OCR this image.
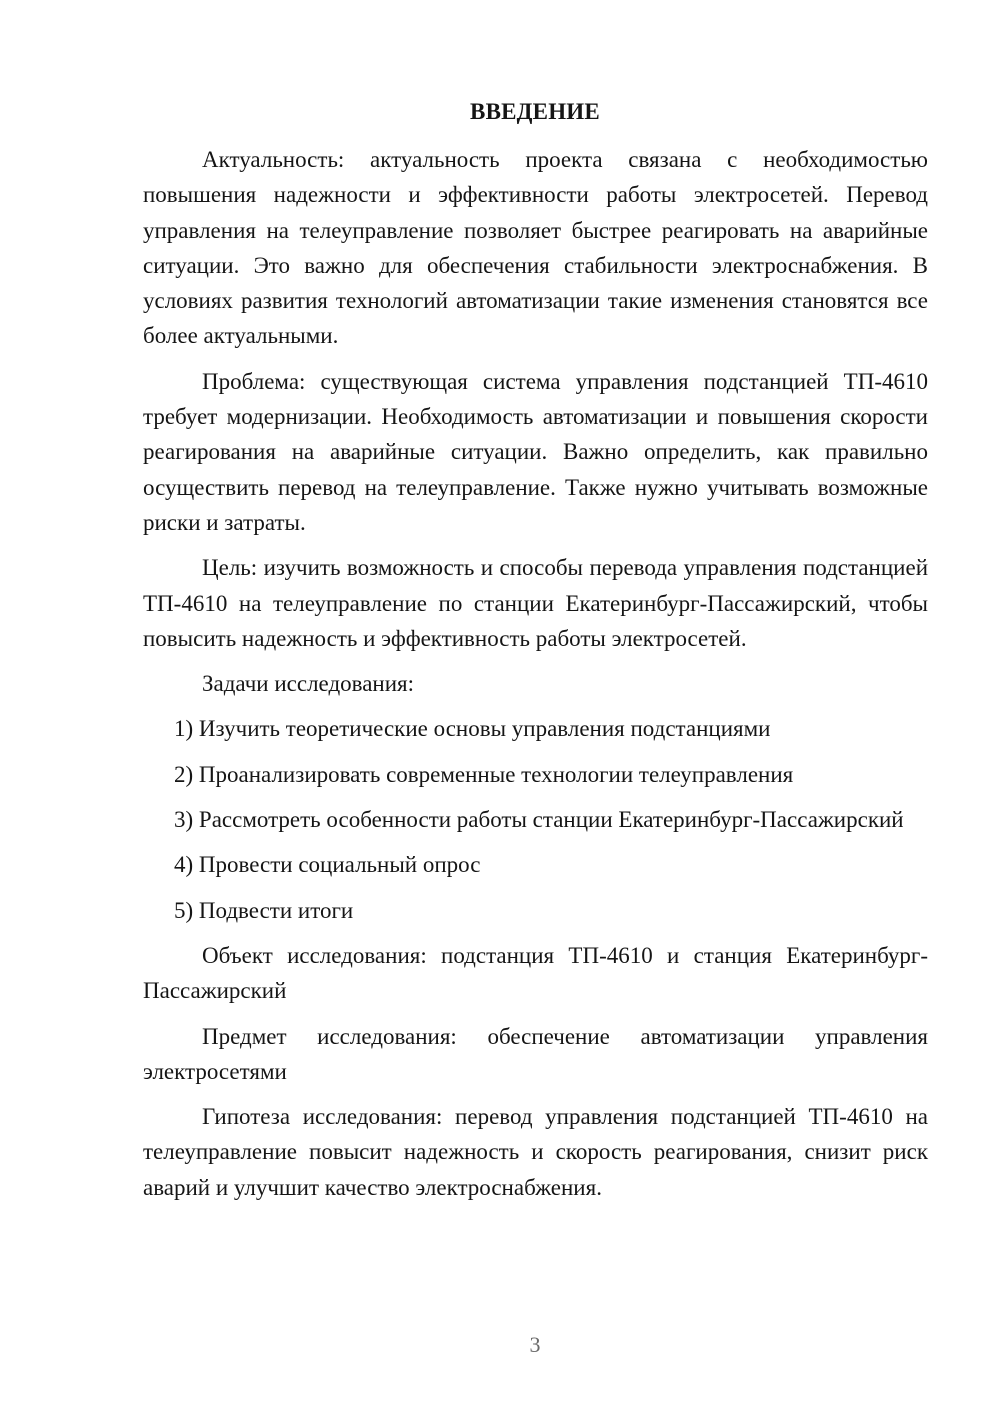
ВВЕДЕНИЕ

Актуальность: актуальность проекта связана с необходимостью повышения надежности и эффективности работы электросетей. Перевод управления на телеуправление позволяет быстрее реагировать на аварийные ситуации. Это важно для обеспечения стабильности электроснабжения. В условиях развития технологий автоматизации такие изменения становятся все более актуальными.

Проблема: существующая система управления подстанцией ТП-4610 требует модернизации. Необходимость автоматизации и повышения скорости реагирования на аварийные ситуации. Важно определить, как правильно осуществить перевод на телеуправление. Также нужно учитывать возможные риски и затраты.

Цель: изучить возможность и способы перевода управления подстанцией ТП-4610 на телеуправление по станции Екатеринбург-Пассажирский, чтобы повысить надежность и эффективность работы электросетей.

Задачи исследования:

1) Изучить теоретические основы управления подстанциями

2) Проанализировать современные технологии телеуправления

3) Рассмотреть особенности работы станции Екатеринбург-Пассажирский

4) Провести социальный опрос

5) Подвести итоги

Объект исследования: подстанция ТП-4610 и станция Екатеринбург- Пассажирский

Предмет исследования: обеспечение автоматизации управления электросетями

Гипотеза исследования: перевод управления подстанцией ТП-4610 на телеуправление повысит надежность и скорость реагирования, снизит риск аварий и улучшит качество электроснабжения.

3
